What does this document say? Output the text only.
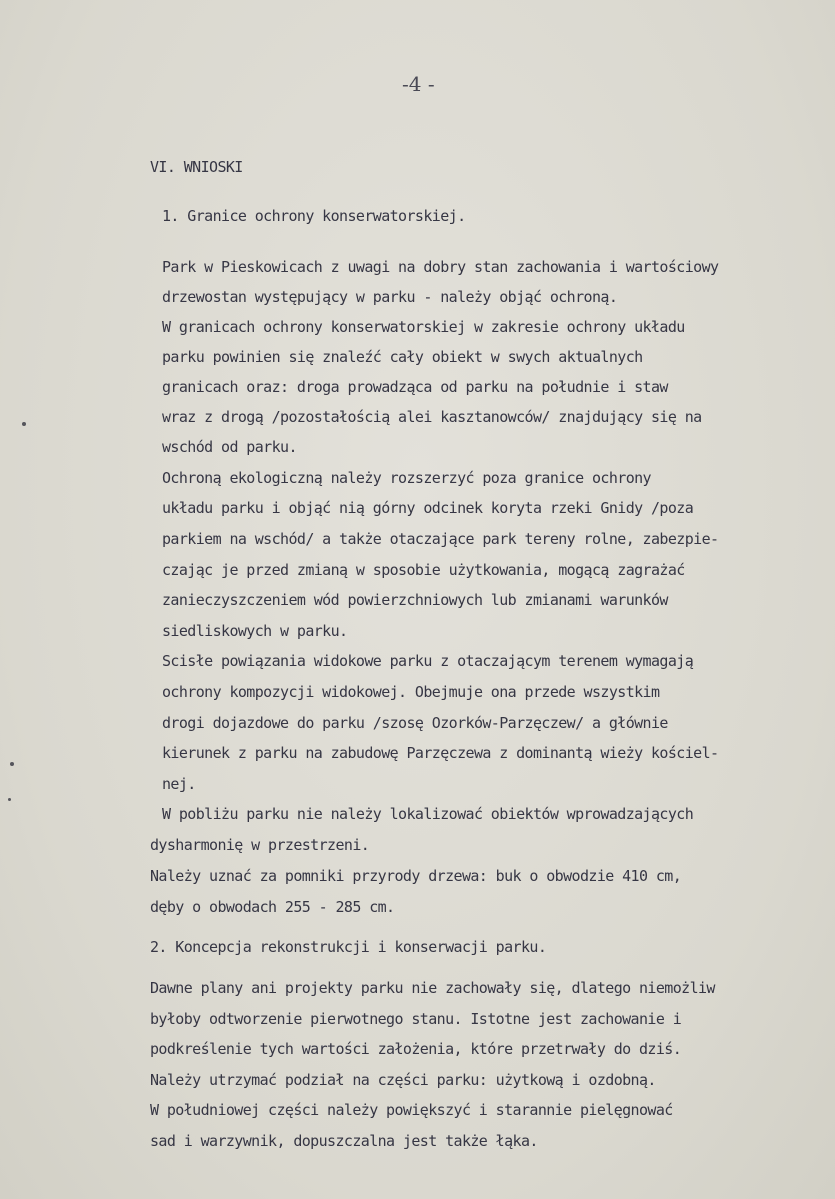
-4 -
VI. WNIOSKI
1. Granice ochrony konserwatorskiej.
Park w Pieskowicach z uwagi na dobry stan zachowania i wartościowy
drzewostan występujący w parku - należy objąć ochroną.
W granicach ochrony konserwatorskiej w zakresie ochrony układu
parku powinien się znaleźć cały obiekt w swych aktualnych
granicach oraz: droga prowadząca od parku na południe i staw
wraz z drogą /pozostałością alei kasztanowców/ znajdujący się na
wschód od parku.
Ochroną ekologiczną należy rozszerzyć poza granice ochrony
układu parku i objąć nią górny odcinek koryta rzeki Gnidy /poza
parkiem na wschód/ a także otaczające park tereny rolne, zabezpie-
czając je przed zmianą w sposobie użytkowania, mogącą zagrażać
zanieczyszczeniem wód powierzchniowych lub zmianami warunków
siedliskowych w parku.
Scisłe powiązania widokowe parku z otaczającym terenem wymagają
ochrony kompozycji widokowej. Obejmuje ona przede wszystkim
drogi dojazdowe do parku /szosę Ozorków-Parzęczew/ a głównie
kierunek z parku na zabudowę Parzęczewa z dominantą wieży kościel-
nej.
W pobliżu parku nie należy lokalizować obiektów wprowadzających
dysharmonię w przestrzeni.
Należy uznać za pomniki przyrody drzewa: buk o obwodzie 410 cm,
dęby o obwodach 255 - 285 cm.
2. Koncepcja rekonstrukcji i konserwacji parku.
Dawne plany ani projekty parku nie zachowały się, dlatego niemożliw
byłoby odtworzenie pierwotnego stanu. Istotne jest zachowanie i
podkreślenie tych wartości założenia, które przetrwały do dziś.
Należy utrzymać podział na części parku: użytkową i ozdobną.
W południowej części należy powiększyć i starannie pielęgnować
sad i warzywnik, dopuszczalna jest także łąka.
